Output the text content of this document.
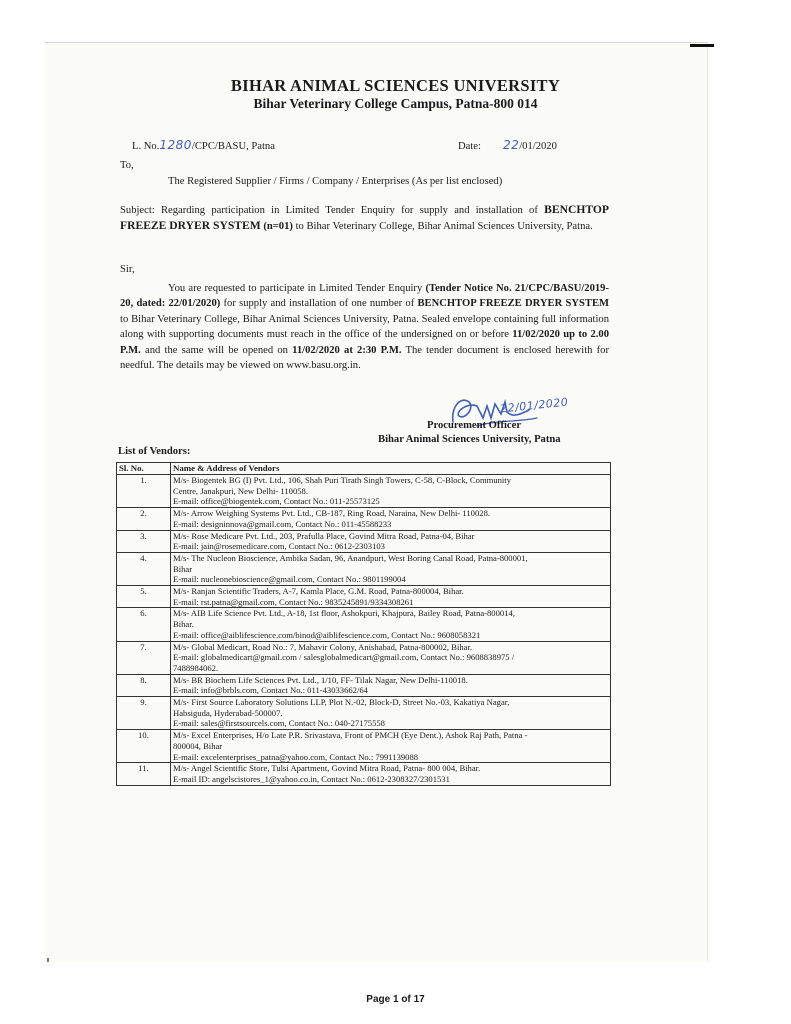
BIHAR ANIMAL SCIENCES UNIVERSITY
Bihar Veterinary College Campus, Patna-800 014
L. No.1280/CPC/BASU, Patna	Date: 22/01/2020
To,
The Registered Supplier / Firms / Company / Enterprises (As per list enclosed)
Subject: Regarding participation in Limited Tender Enquiry for supply and installation of BENCHTOP FREEZE DRYER SYSTEM (n=01) to Bihar Veterinary College, Bihar Animal Sciences University, Patna.
Sir,
You are requested to participate in Limited Tender Enquiry (Tender Notice No. 21/CPC/BASU/2019-20, dated: 22/01/2020) for supply and installation of one number of BENCHTOP FREEZE DRYER SYSTEM to Bihar Veterinary College, Bihar Animal Sciences University, Patna. Sealed envelope containing full information along with supporting documents must reach in the office of the undersigned on or before 11/02/2020 up to 2.00 P.M. and the same will be opened on 11/02/2020 at 2:30 P.M. The tender document is enclosed herewith for needful. The details may be viewed on www.basu.org.in.
22/01/2020
Procurement Officer
Bihar Animal Sciences University, Patna
List of Vendors:
Sl. No.	Name & Address of Vendors
1.	M/s- Biogentek BG (I) Pvt. Ltd., 106, Shah Puri Tirath Singh Towers, C-58, C-Block, Community
Centre, Janakpuri, New Delhi- 110058.
E-mail: office@biogentek.com, Contact No.: 011-25573125

2.	M/s- Arrow Weighing Systems Pvt. Ltd., CB-187, Ring Road, Naraina, New Delhi- 110028.
E-mail: designinnova@gmail.com, Contact No.: 011-45588233

3.	M/s- Rose Medicare Pvt. Ltd., 203, Prafulla Place, Govind Mitra Road, Patna-04, Bihar
E-mail: jain@rosemedicare.com, Contact No.: 0612-2303103

4.	M/s- The Nucleon Bioscience, Ambika Sadan, 96, Anandpuri, West Boring Canal Road, Patna-800001,
Bihar
E-mail: nucleonebioscience@gmail.com, Contact No.: 9801199004

5.	M/s- Ranjan Scientific Traders, A-7, Kamla Place, G.M. Road, Patna-800004, Bihar.
E-mail: rst.patna@gmail.com, Contact No.: 9835245891/9334308261

6.	M/s- AIB Life Science Pvt. Ltd., A-18, 1st floor, Ashokpuri, Khajpura, Bailey Road, Patna-800014,
Bihar.
E-mail: office@aiblifescience.com/binod@aiblifescience.com, Contact No.: 9608058321

7.	M/s- Global Medicart, Road No.: 7, Mahavir Colony, Anishabad, Patna-800002, Bihar.
E-mail: globalmedicart@gmail.com / salesglobalmedicart@gmail.com, Contact No.: 9608838975 /
7488984062.

8.	M/s- BR Biochem Life Sciences Pvt. Ltd., 1/10, FF- Tilak Nagar, New Delhi-110018.
E-mail: info@brbls.com, Contact No.: 011-43033662/64

9.	M/s- First Source Laboratory Solutions LLP, Plot N.-02, Block-D, Street No.-03, Kakatiya Nagar,
Habsiguda, Hyderabad-500007.
E-mail: sales@firstsourcels.com, Contact No.: 040-27175558

10.	M/s- Excel Enterprises, H/o Late P.R. Srivastava, Front of PMCH (Eye Dent.), Ashok Raj Path, Patna -
800004, Bihar
E-mail: excelenterprises_patna@yahoo.com, Contact No.: 7991139088

11.	M/s- Angel Scientific Store, Tulsi Apartment, Govind Mitra Road, Patna- 800 004, Bihar.
E-mail ID: angelscistores_1@yahoo.co.in, Contact No.: 0612-2308327/2301531
Page 1 of 17
